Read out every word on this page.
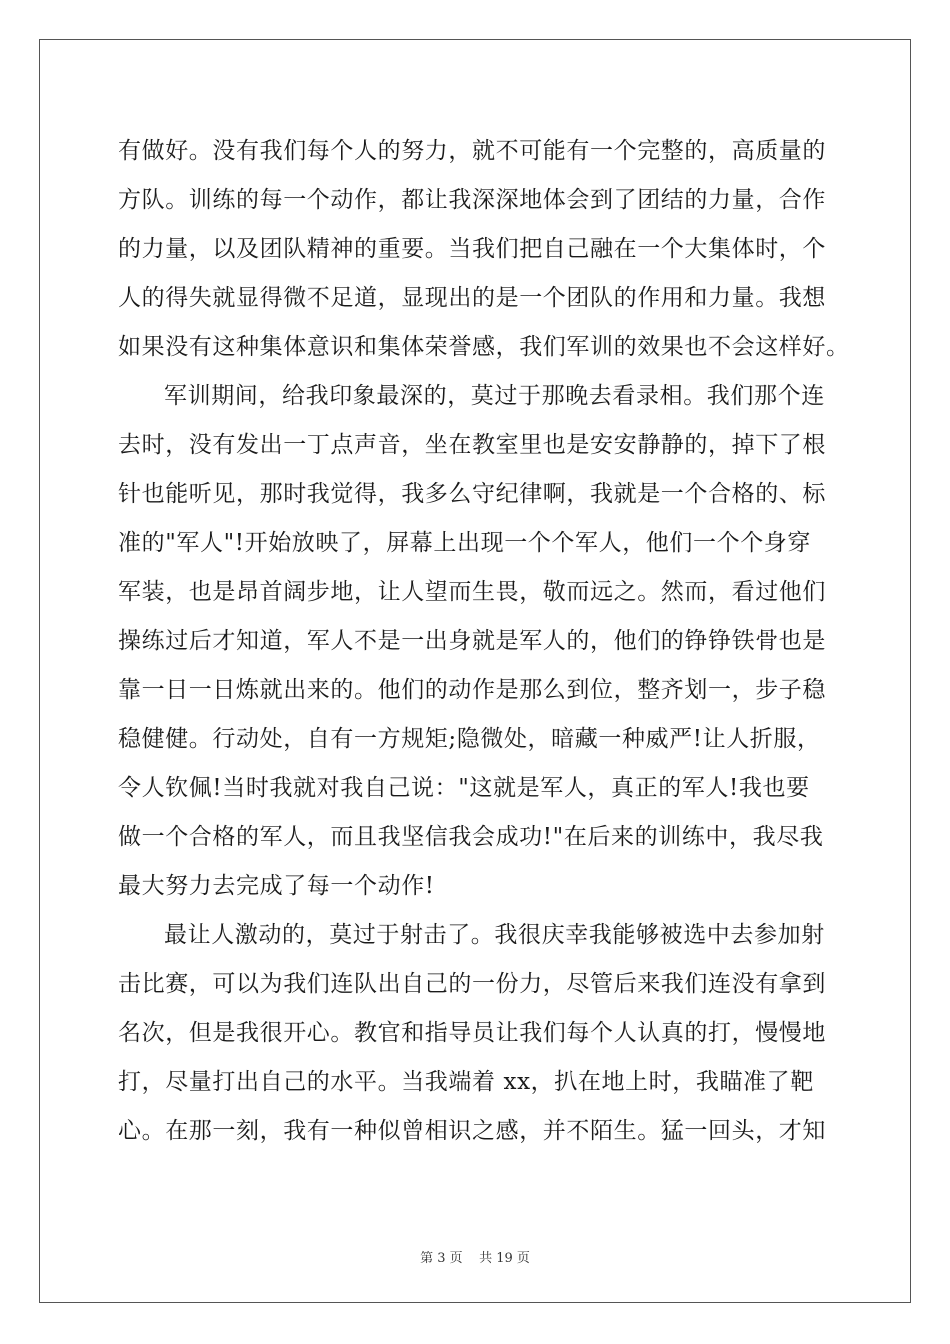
有做好。没有我们每个人的努力，就不可能有一个完整的，高质量的
方队。训练的每一个动作，都让我深深地体会到了团结的力量，合作
的力量，以及团队精神的重要。当我们把自己融在一个大集体时，个
人的得失就显得微不足道，显现出的是一个团队的作用和力量。我想
如果没有这种集体意识和集体荣誉感，我们军训的效果也不会这样好。
军训期间，给我印象最深的，莫过于那晚去看录相。我们那个连
去时，没有发出一丁点声音，坐在教室里也是安安静静的，掉下了根
针也能听见，那时我觉得，我多么守纪律啊，我就是一个合格的、标
准的"军人"!开始放映了，屏幕上出现一个个军人，他们一个个身穿
军装，也是昂首阔步地，让人望而生畏，敬而远之。然而，看过他们
操练过后才知道，军人不是一出身就是军人的，他们的铮铮铁骨也是
靠一日一日炼就出来的。他们的动作是那么到位，整齐划一，步子稳
稳健健。行动处，自有一方规矩;隐微处，暗藏一种威严!让人折服，
令人钦佩!当时我就对我自己说："这就是军人，真正的军人!我也要
做一个合格的军人，而且我坚信我会成功!"在后来的训练中，我尽我
最大努力去完成了每一个动作!
最让人激动的，莫过于射击了。我很庆幸我能够被选中去参加射
击比赛，可以为我们连队出自己的一份力，尽管后来我们连没有拿到
名次，但是我很开心。教官和指导员让我们每个人认真的打，慢慢地
打，尽量打出自己的水平。当我端着 xx，扒在地上时，我瞄准了靶
心。在那一刻，我有一种似曾相识之感，并不陌生。猛一回头，才知
第 3 页    共 19 页
